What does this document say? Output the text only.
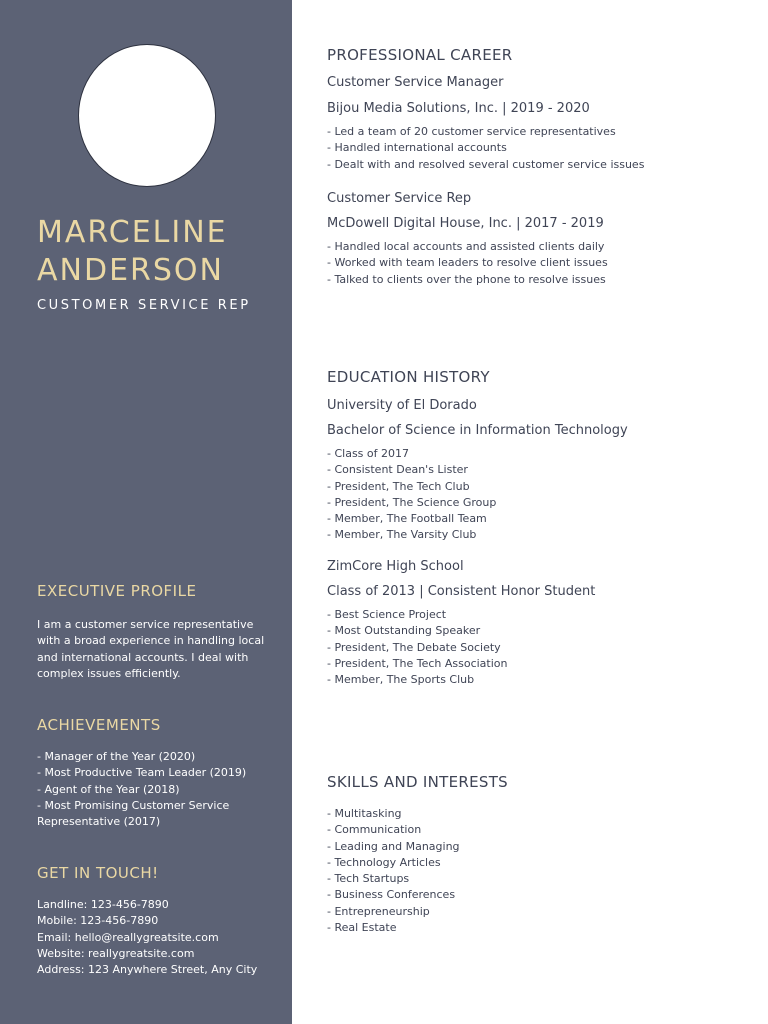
MARCELINE
ANDERSON
CUSTOMER SERVICE REP
EXECUTIVE PROFILE
I am a customer service representative with a broad experience in handling local and international accounts. I deal with complex issues efficiently.
ACHIEVEMENTS
- Manager of the Year (2020)
- Most Productive Team Leader (2019)
- Agent of the Year (2018)
- Most Promising Customer Service Representative (2017)
GET IN TOUCH!
Landline: 123-456-7890
Mobile: 123-456-7890
Email: hello@reallygreatsite.com
Website: reallygreatsite.com
Address: 123 Anywhere Street, Any City
PROFESSIONAL CAREER
Customer Service Manager
Bijou Media Solutions, Inc. | 2019 - 2020
- Led a team of 20 customer service representatives
- Handled international accounts
- Dealt with and resolved several customer service issues
Customer Service Rep
McDowell Digital House, Inc. | 2017 - 2019
- Handled local accounts and assisted clients daily
- Worked with team leaders to resolve client issues
- Talked to clients over the phone to resolve issues
EDUCATION HISTORY
University of El Dorado
Bachelor of Science in Information Technology
- Class of 2017
- Consistent Dean's Lister
- President, The Tech Club
- President, The Science Group
- Member, The Football Team
- Member, The Varsity Club
ZimCore High School
Class of 2013 | Consistent Honor Student
- Best Science Project
- Most Outstanding Speaker
- President, The Debate Society
- President, The Tech Association
- Member, The Sports Club
SKILLS AND INTERESTS
- Multitasking
- Communication
- Leading and Managing
- Technology Articles
- Tech Startups
- Business Conferences
- Entrepreneurship
- Real Estate
